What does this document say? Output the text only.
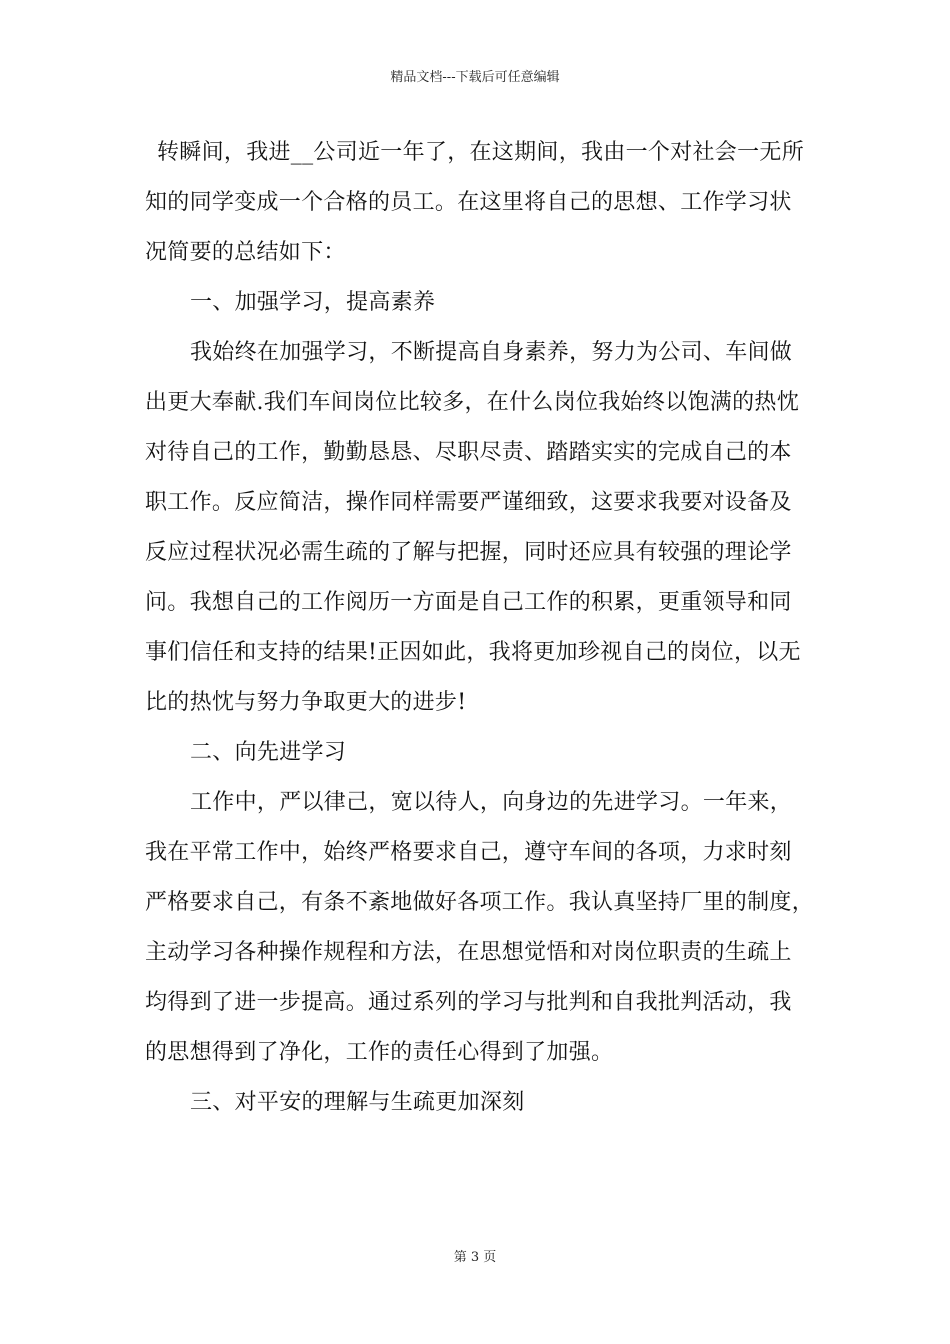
精品文档---下载后可任意编辑
转瞬间，我进__公司近一年了，在这期间，我由一个对社会一无所
知的同学变成一个合格的员工。在这里将自己的思想、工作学习状
况简要的总结如下：
一、加强学习，提高素养
我始终在加强学习，不断提高自身素养，努力为公司、车间做
出更大奉献.我们车间岗位比较多，在什么岗位我始终以饱满的热忱
对待自己的工作，勤勤恳恳、尽职尽责、踏踏实实的完成自己的本
职工作。反应简洁，操作同样需要严谨细致，这要求我要对设备及
反应过程状况必需生疏的了解与把握，同时还应具有较强的理论学
问。我想自己的工作阅历一方面是自己工作的积累，更重领导和同
事们信任和支持的结果!正因如此，我将更加珍视自己的岗位，以无
比的热忱与努力争取更大的进步!
二、向先进学习
工作中，严以律己，宽以待人，向身边的先进学习。一年来，
我在平常工作中，始终严格要求自己，遵守车间的各项，力求时刻
严格要求自己，有条不紊地做好各项工作。我认真坚持厂里的制度，
主动学习各种操作规程和方法，在思想觉悟和对岗位职责的生疏上
均得到了进一步提高。通过系列的学习与批判和自我批判活动，我
的思想得到了净化，工作的责任心得到了加强。
三、对平安的理解与生疏更加深刻
第 3 页
